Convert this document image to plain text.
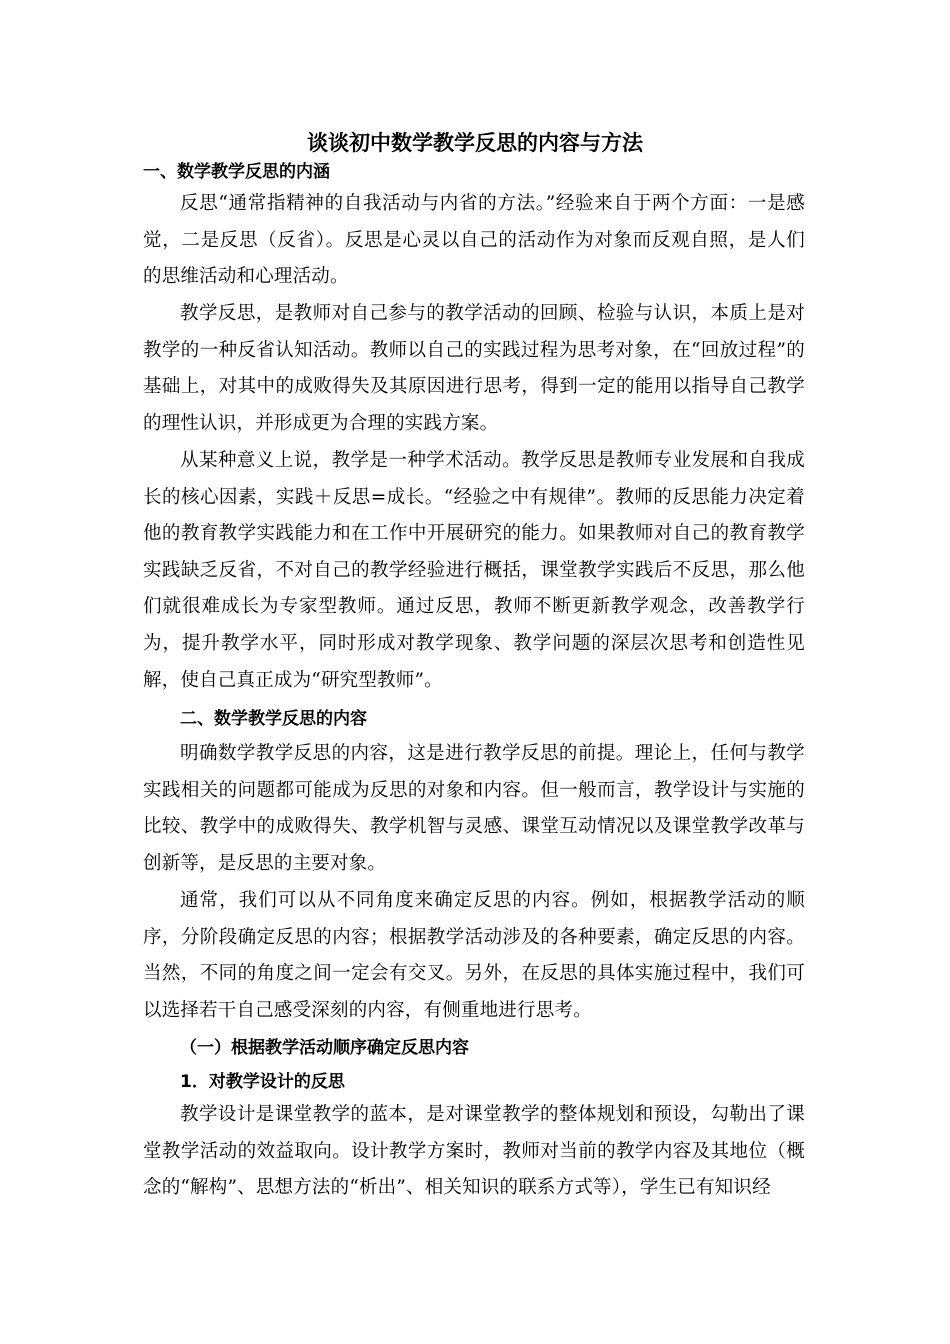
谈谈初中数学教学反思的内容与方法
一、数学教学反思的内涵
反思“通常指精神的自我活动与内省的方法。”经验来自于两个方面：一是感觉，二是反思（反省）。反思是心灵以自己的活动作为对象而反观自照，是人们的思维活动和心理活动。
教学反思，是教师对自己参与的教学活动的回顾、检验与认识，本质上是对教学的一种反省认知活动。教师以自己的实践过程为思考对象，在“回放过程”的基础上，对其中的成败得失及其原因进行思考，得到一定的能用以指导自己教学的理性认识，并形成更为合理的实践方案。
从某种意义上说，教学是一种学术活动。教学反思是教师专业发展和自我成长的核心因素，实践＋反思=成长。“经验之中有规律”。教师的反思能力决定着他的教育教学实践能力和在工作中开展研究的能力。如果教师对自己的教育教学实践缺乏反省，不对自己的教学经验进行概括，课堂教学实践后不反思，那么他们就很难成长为专家型教师。通过反思，教师不断更新教学观念，改善教学行为，提升教学水平，同时形成对教学现象、教学问题的深层次思考和创造性见解，使自己真正成为“研究型教师”。
二、数学教学反思的内容
明确数学教学反思的内容，这是进行教学反思的前提。理论上，任何与教学实践相关的问题都可能成为反思的对象和内容。但一般而言，教学设计与实施的比较、教学中的成败得失、教学机智与灵感、课堂互动情况以及课堂教学改革与创新等，是反思的主要对象。
通常，我们可以从不同角度来确定反思的内容。例如，根据教学活动的顺序，分阶段确定反思的内容；根据教学活动涉及的各种要素，确定反思的内容。当然，不同的角度之间一定会有交叉。另外，在反思的具体实施过程中，我们可以选择若干自己感受深刻的内容，有侧重地进行思考。
（一）根据教学活动顺序确定反思内容
1．对教学设计的反思
教学设计是课堂教学的蓝本，是对课堂教学的整体规划和预设，勾勒出了课堂教学活动的效益取向。设计教学方案时，教师对当前的教学内容及其地位（概念的“解构”、思想方法的“析出”、相关知识的联系方式等），学生已有知识经
